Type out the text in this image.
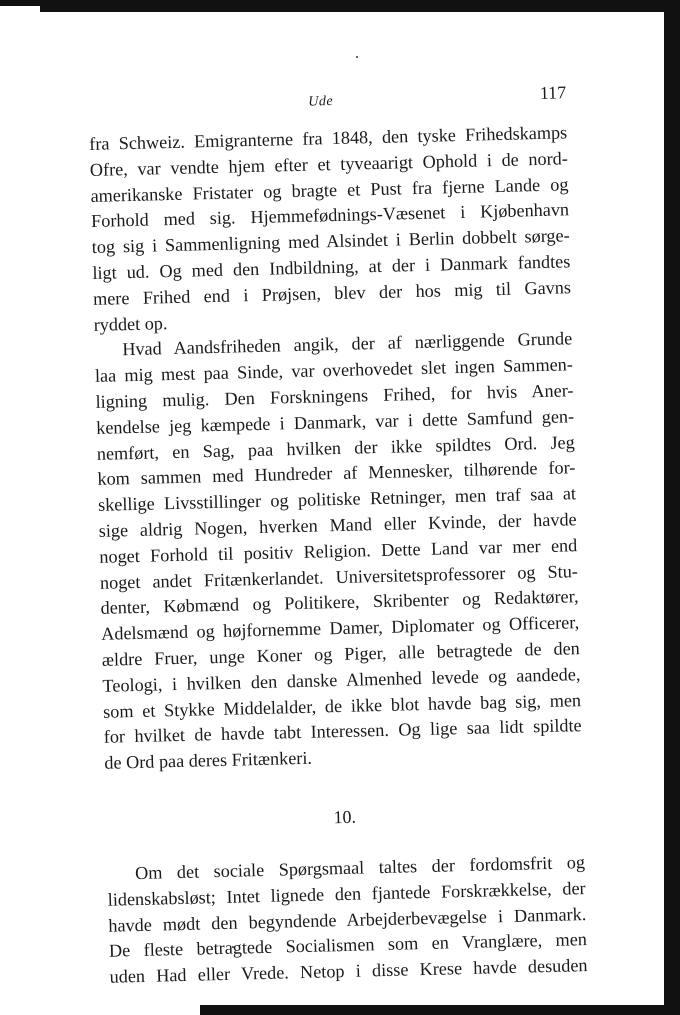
Ude	117
fra Schweiz. Emigranterne fra 1848, den tyske Frihedskamps
Ofre, var vendte hjem efter et tyveaarigt Ophold i de nord-
amerikanske Fristater og bragte et Pust fra fjerne Lande og
Forhold med sig. Hjemmefødnings-Væsenet i Kjøbenhavn
tog sig i Sammenligning med Alsindet i Berlin dobbelt sørge-
ligt ud. Og med den Indbildning, at der i Danmark fandtes
mere Frihed end i Prøjsen, blev der hos mig til Gavns
ryddet op.
Hvad Aandsfriheden angik, der af nærliggende Grunde
laa mig mest paa Sinde, var overhovedet slet ingen Sammen-
ligning mulig. Den Forskningens Frihed, for hvis Aner-
kendelse jeg kæmpede i Danmark, var i dette Samfund gen-
nemført, en Sag, paa hvilken der ikke spildtes Ord. Jeg
kom sammen med Hundreder af Mennesker, tilhørende for-
skellige Livsstillinger og politiske Retninger, men traf saa at
sige aldrig Nogen, hverken Mand eller Kvinde, der havde
noget Forhold til positiv Religion. Dette Land var mer end
noget andet Fritænkerlandet. Universitetsprofessorer og Stu-
denter, Købmænd og Politikere, Skribenter og Redaktører,
Adelsmænd og højfornemme Damer, Diplomater og Officerer,
ældre Fruer, unge Koner og Piger, alle betragtede de den
Teologi, i hvilken den danske Almenhed levede og aandede,
som et Stykke Middelalder, de ikke blot havde bag sig, men
for hvilket de havde tabt Interessen. Og lige saa lidt spildte
de Ord paa deres Fritænkeri.
10.
Om det sociale Spørgsmaal taltes der fordomsfrit og
lidenskabsløst; Intet lignede den fjantede Forskrækkelse, der
havde mødt den begyndende Arbejderbevægelse i Danmark.
De fleste betragtede Socialismen som en Vranglære, men
uden Had eller Vrede. Netop i disse Krese havde desuden
